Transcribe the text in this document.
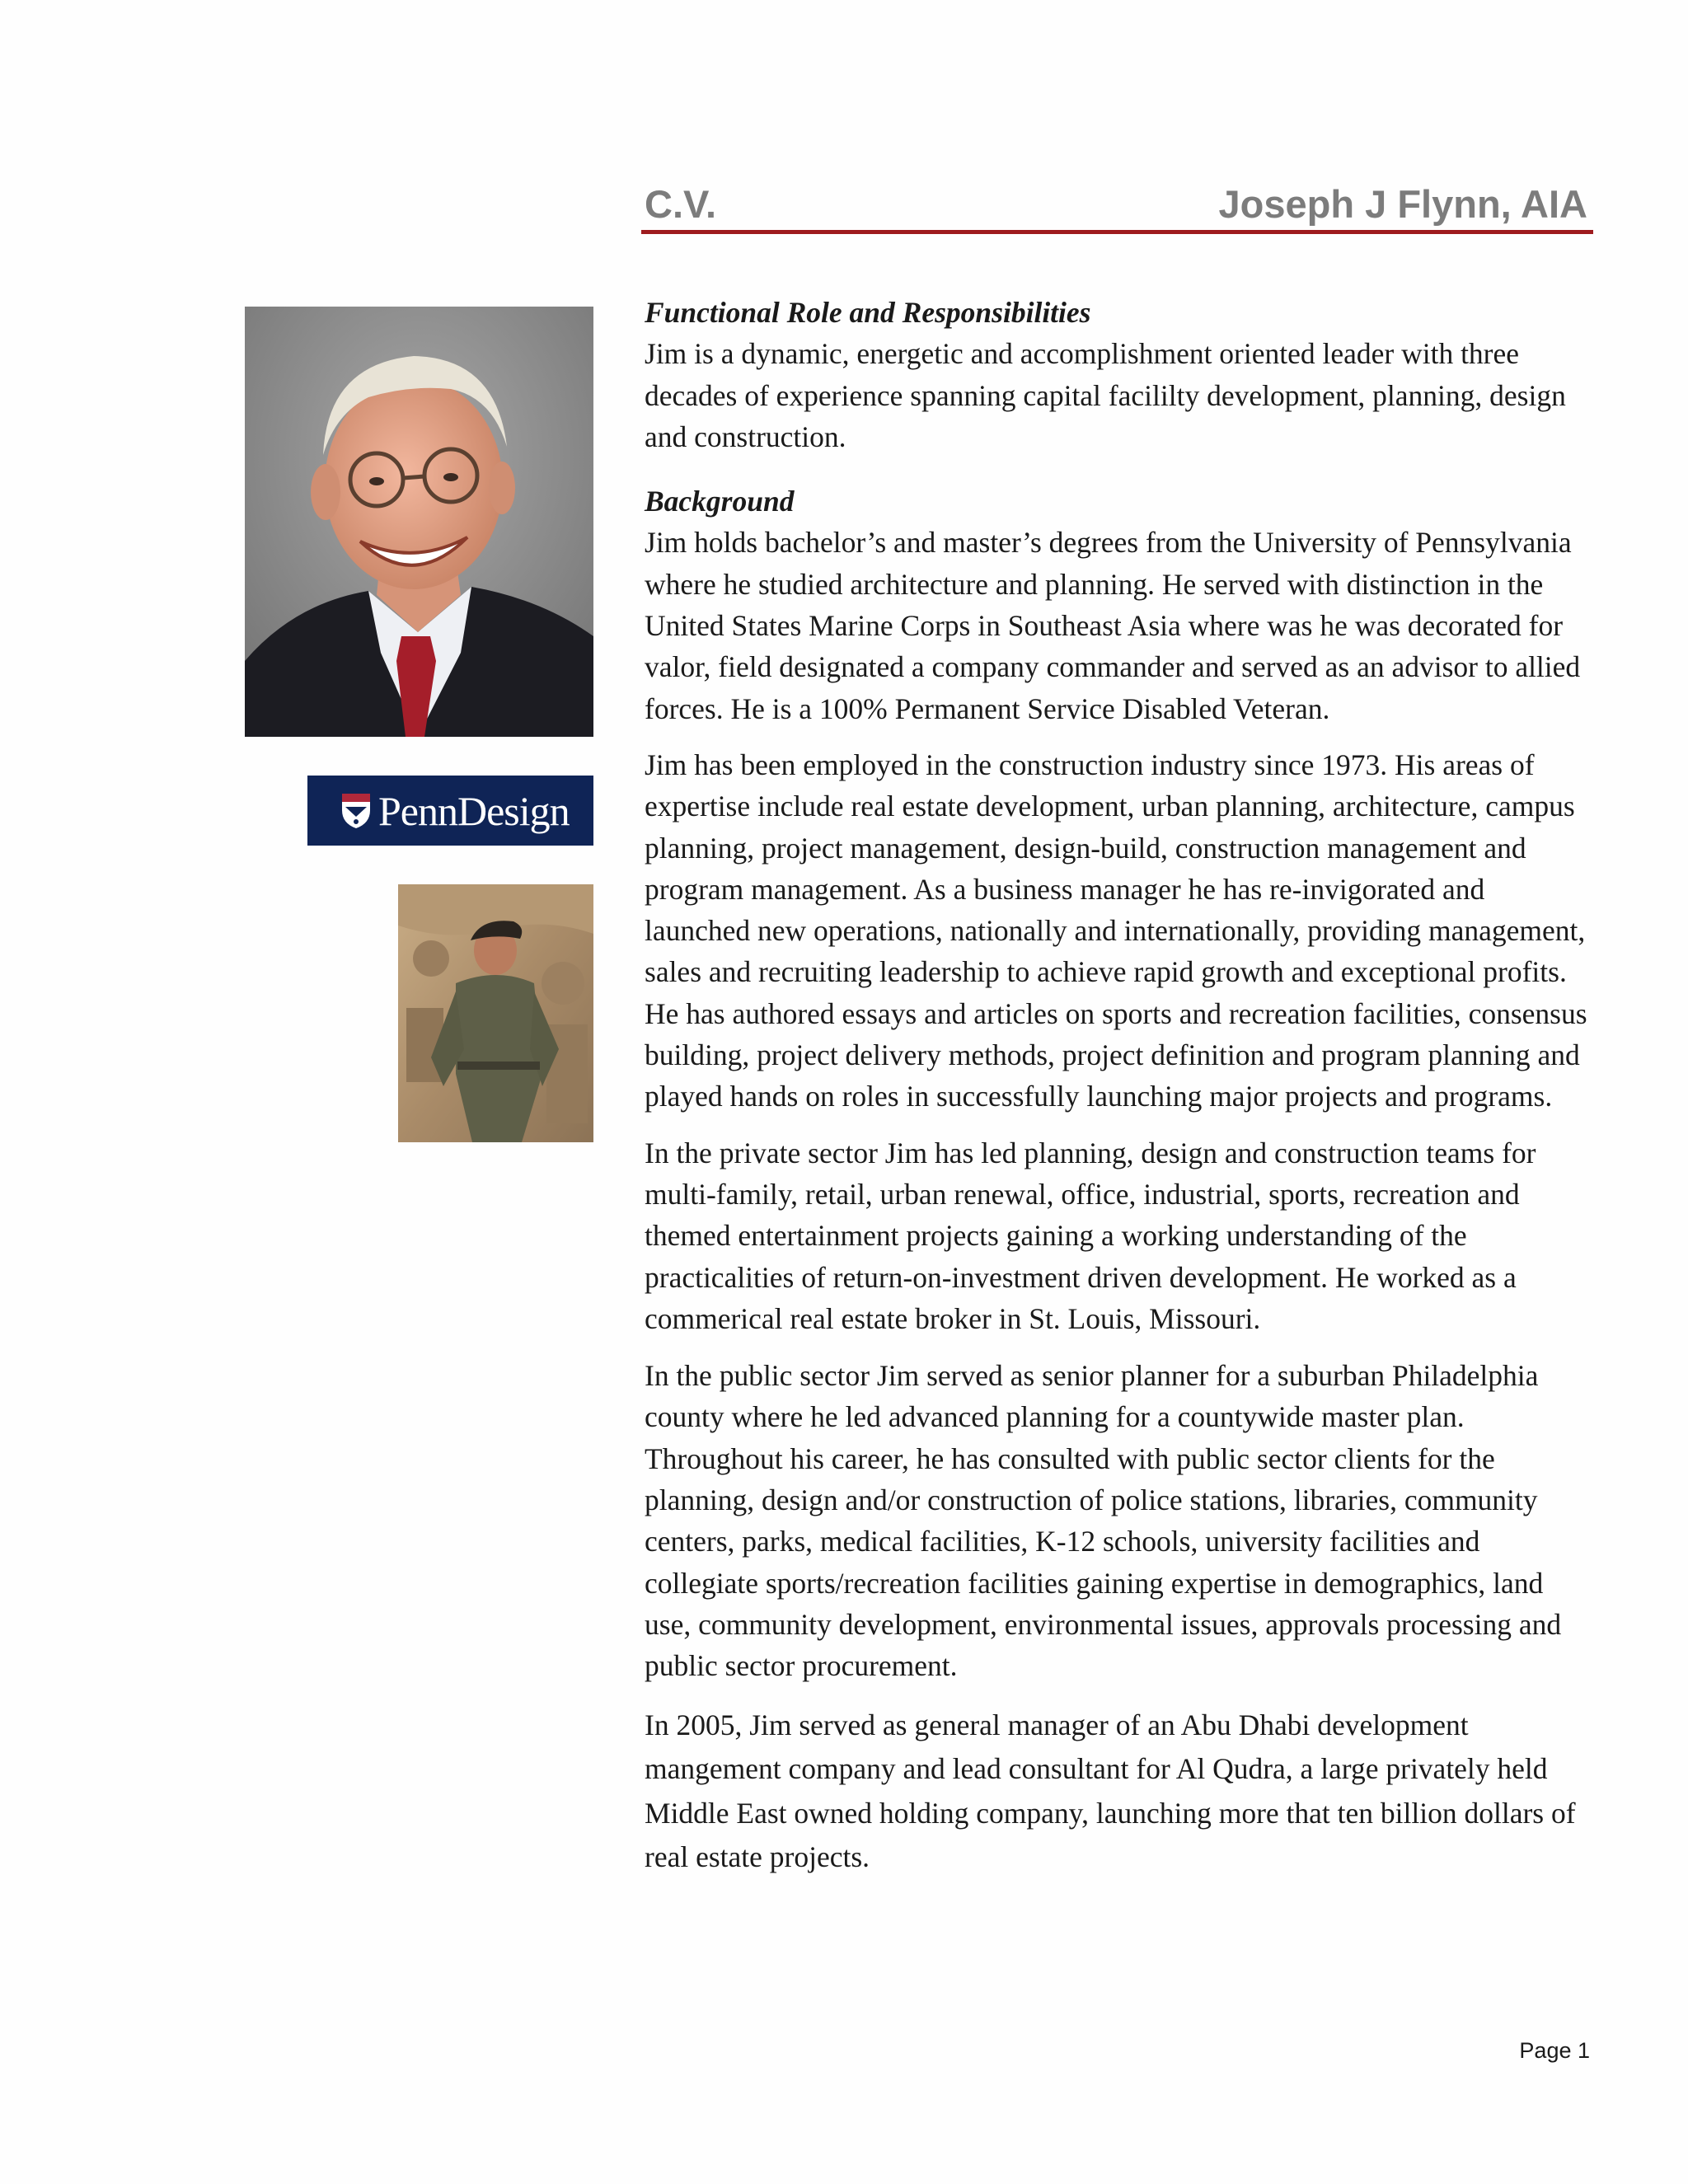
C.V.	Joseph J Flynn, AIA
PennDesign
Functional Role and Responsibilities
Jim is a dynamic, energetic and accomplishment oriented leader with three decades of experience spanning capital facililty development, planning, design and construction.
Background
Jim holds bachelor’s and master’s degrees from the University of Pennsylvania where he studied architecture and planning. He served with distinction in the United States Marine Corps in Southeast Asia where was he was decorated for valor, field designated a company commander and served as an advisor to allied forces. He is a 100% Permanent Service Disabled Veteran.

Jim has been employed in the construction industry since 1973. His areas of expertise include real estate development, urban planning, architecture, campus planning, project management, design-build, construction management and program management. As a business manager he has re-invigorated and launched new operations, nationally and internationally, providing management, sales and recruiting leadership to achieve rapid growth and exceptional profits. He has authored essays and articles on sports and recreation facilities, consensus building, project delivery methods, project definition and program planning and played hands on roles in successfully launching major projects and programs.

In the private sector Jim has led planning, design and construction teams for multi-family, retail, urban renewal, office, industrial, sports, recreation and themed entertainment projects gaining a working understanding of the practicalities of return-on-investment driven development. He worked as a commerical real estate broker in St. Louis, Missouri.

In the public sector Jim served as senior planner for a suburban Philadelphia county where he led advanced planning for a countywide master plan. Throughout his career, he has consulted with public sector clients for the planning, design and/or construction of police stations, libraries, community centers, parks, medical facilities, K-12 schools, university facilities and collegiate sports/recreation facilities gaining expertise in demographics, land use, community development, environmental issues, approvals processing and public sector procurement.

In 2005, Jim served as general manager of an Abu Dhabi development mangement company and lead consultant for Al Qudra, a large privately held Middle East owned holding company, launching more that ten billion dollars of real estate projects.

Page 1
